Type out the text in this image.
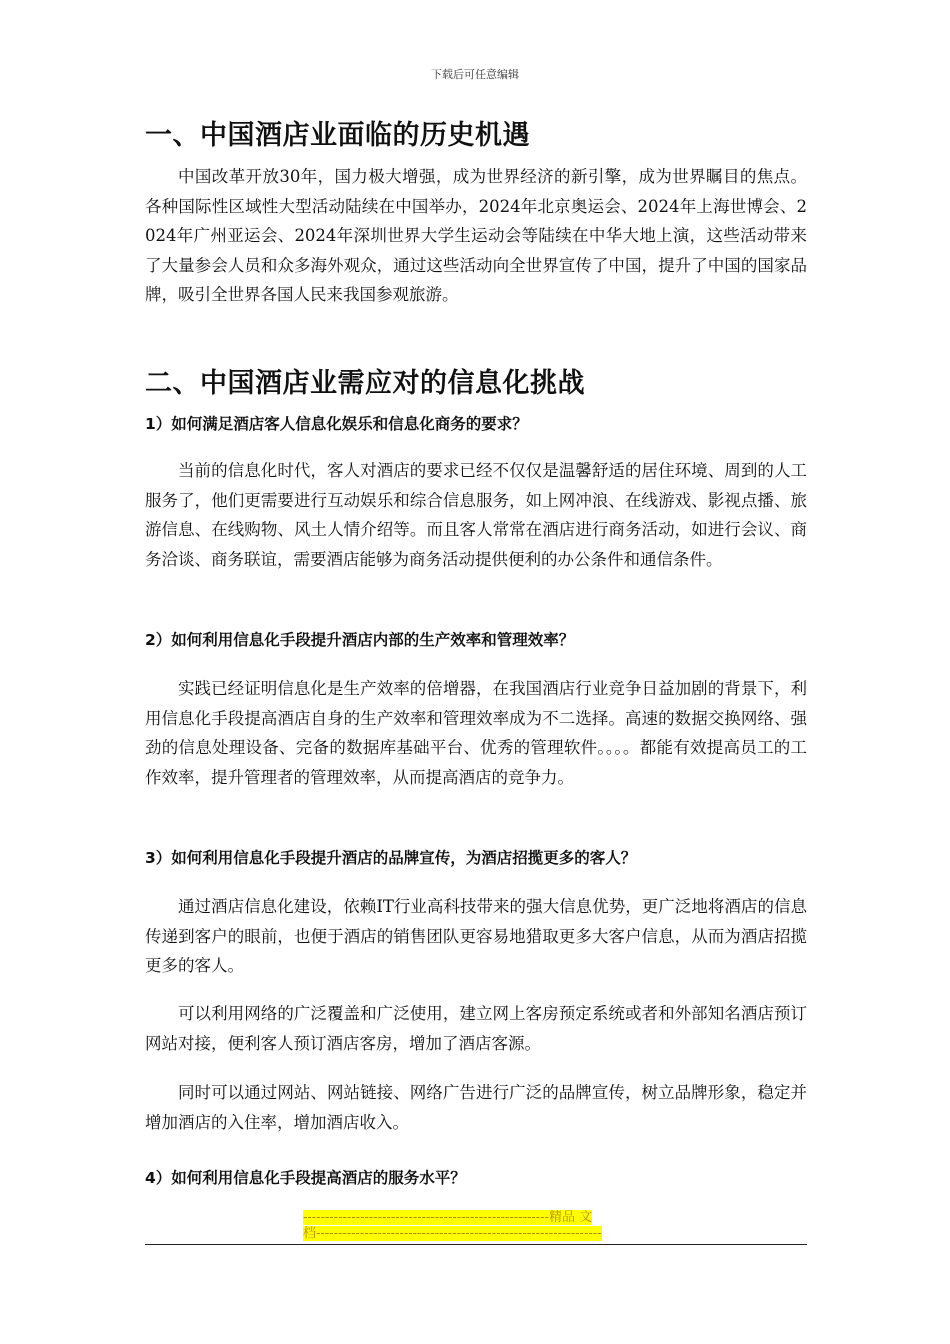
下载后可任意编辑
一、中国酒店业面临的历史机遇
中国改革开放30年，国力极大增强，成为世界经济的新引擎，成为世界瞩目的焦点。各种国际性区域性大型活动陆续在中国举办，2024年北京奥运会、2024年上海世博会、2024年广州亚运会、2024年深圳世界大学生运动会等陆续在中华大地上演，这些活动带来了大量参会人员和众多海外观众，通过这些活动向全世界宣传了中国，提升了中国的国家品牌，吸引全世界各国人民来我国参观旅游。
二、中国酒店业需应对的信息化挑战
1）如何满足酒店客人信息化娱乐和信息化商务的要求？
当前的信息化时代，客人对酒店的要求已经不仅仅是温馨舒适的居住环境、周到的人工服务了，他们更需要进行互动娱乐和综合信息服务，如上网冲浪、在线游戏、影视点播、旅游信息、在线购物、风土人情介绍等。而且客人常常在酒店进行商务活动，如进行会议、商务洽谈、商务联谊，需要酒店能够为商务活动提供便利的办公条件和通信条件。
2）如何利用信息化手段提升酒店内部的生产效率和管理效率？
实践已经证明信息化是生产效率的倍增器，在我国酒店行业竞争日益加剧的背景下，利用信息化手段提高酒店自身的生产效率和管理效率成为不二选择。高速的数据交换网络、强劲的信息处理设备、完备的数据库基础平台、优秀的管理软件。。。。都能有效提高员工的工作效率，提升管理者的管理效率，从而提高酒店的竞争力。
3）如何利用信息化手段提升酒店的品牌宣传，为酒店招揽更多的客人？
通过酒店信息化建设，依赖IT行业高科技带来的强大信息优势，更广泛地将酒店的信息传递到客户的眼前，也便于酒店的销售团队更容易地猎取更多大客户信息，从而为酒店招揽更多的客人。
可以利用网络的广泛覆盖和广泛使用，建立网上客房预定系统或者和外部知名酒店预订网站对接，便利客人预订酒店客房，增加了酒店客源。
同时可以通过网站、网站链接、网络广告进行广泛的品牌宣传，树立品牌形象，稳定并增加酒店的入住率，增加酒店收入。
4）如何利用信息化手段提高酒店的服务水平？
--------------------------------------------------------精品 文
档-----------------------------------------------------------------
